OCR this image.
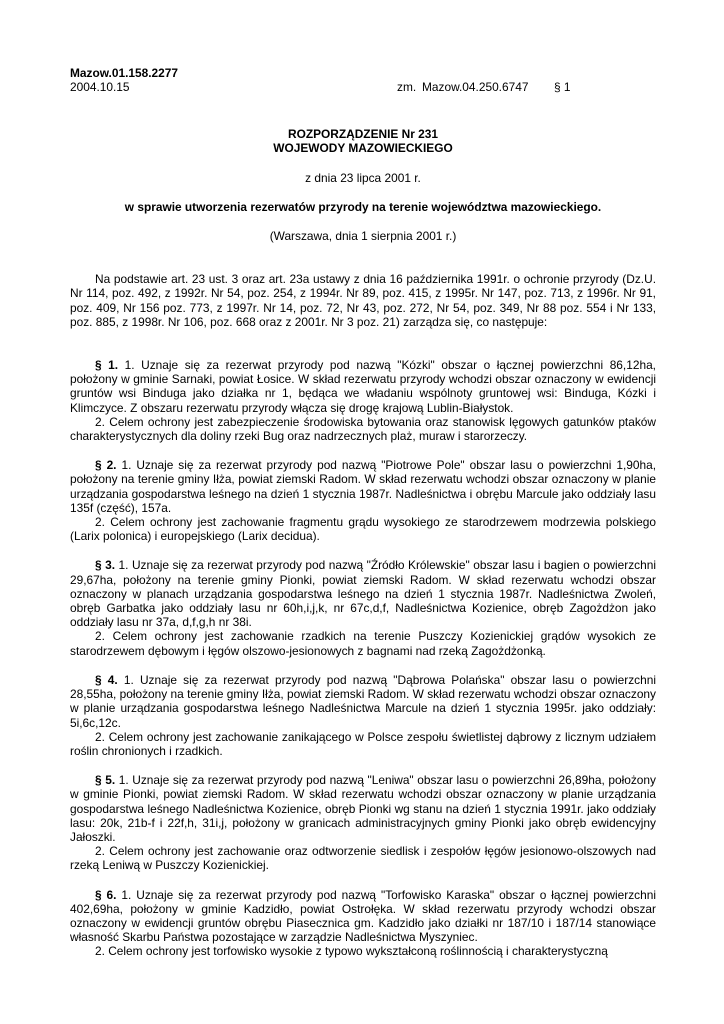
Mazow.01.158.2277
2004.10.15	zm. Mazow.04.250.6747 § 1
ROZPORZĄDZENIE Nr 231
WOJEWODY MAZOWIECKIEGO
z dnia 23 lipca 2001 r.
w sprawie utworzenia rezerwatów przyrody na terenie województwa mazowieckiego.
(Warszawa, dnia 1 sierpnia 2001 r.)

Na podstawie art. 23 ust. 3 oraz art. 23a ustawy z dnia 16 października 1991r. o ochronie przyrody (Dz.U. Nr 114, poz. 492, z 1992r. Nr 54, poz. 254, z 1994r. Nr 89, poz. 415, z 1995r. Nr 147, poz. 713, z 1996r. Nr 91, poz. 409, Nr 156 poz. 773, z 1997r. Nr 14, poz. 72, Nr 43, poz. 272, Nr 54, poz. 349, Nr 88 poz. 554 i Nr 133, poz. 885, z 1998r. Nr 106, poz. 668 oraz z 2001r. Nr 3 poz. 21) zarządza się, co następuje:

§ 1. 1. Uznaje się za rezerwat przyrody pod nazwą "Kózki" obszar o łącznej powierzchni 86,12ha, położony w gminie Sarnaki, powiat Łosice. W skład rezerwatu przyrody wchodzi obszar oznaczony w ewidencji gruntów wsi Binduga jako działka nr 1, będąca we władaniu wspólnoty gruntowej wsi: Binduga, Kózki i Klimczyce. Z obszaru rezerwatu przyrody włącza się drogę krajową Lublin-Białystok.

2. Celem ochrony jest zabezpieczenie środowiska bytowania oraz stanowisk lęgowych gatunków ptaków charakterystycznych dla doliny rzeki Bug oraz nadrzecznych plaż, muraw i starorzeczy.

§ 2. 1. Uznaje się za rezerwat przyrody pod nazwą "Piotrowe Pole" obszar lasu o powierzchni 1,90ha, położony na terenie gminy Iłża, powiat ziemski Radom. W skład rezerwatu wchodzi obszar oznaczony w planie urządzania gospodarstwa leśnego na dzień 1 stycznia 1987r. Nadleśnictwa i obrębu Marcule jako oddziały lasu 135f (część), 157a.

2. Celem ochrony jest zachowanie fragmentu grądu wysokiego ze starodrzewem modrzewia polskiego (Larix polonica) i europejskiego (Larix decidua).

§ 3. 1. Uznaje się za rezerwat przyrody pod nazwą "Źródło Królewskie" obszar lasu i bagien o powierzchni 29,67ha, położony na terenie gminy Pionki, powiat ziemski Radom. W skład rezerwatu wchodzi obszar oznaczony w planach urządzania gospodarstwa leśnego na dzień 1 stycznia 1987r. Nadleśnictwa Zwoleń, obręb Garbatka jako oddziały lasu nr 60h,i,j,k, nr 67c,d,f, Nadleśnictwa Kozienice, obręb Zagożdżon jako oddziały lasu nr 37a, d,f,g,h nr 38i.

2. Celem ochrony jest zachowanie rzadkich na terenie Puszczy Kozienickiej grądów wysokich ze starodrzewem dębowym i łęgów olszowo-jesionowych z bagnami nad rzeką Zagożdżonką.

§ 4. 1. Uznaje się za rezerwat przyrody pod nazwą "Dąbrowa Polańska" obszar lasu o powierzchni 28,55ha, położony na terenie gminy Iłża, powiat ziemski Radom. W skład rezerwatu wchodzi obszar oznaczony w planie urządzania gospodarstwa leśnego Nadleśnictwa Marcule na dzień 1 stycznia 1995r. jako oddziały: 5i,6c,12c.

2. Celem ochrony jest zachowanie zanikającego w Polsce zespołu świetlistej dąbrowy z licznym udziałem roślin chronionych i rzadkich.

§ 5. 1. Uznaje się za rezerwat przyrody pod nazwą "Leniwa" obszar lasu o powierzchni 26,89ha, położony w gminie Pionki, powiat ziemski Radom. W skład rezerwatu wchodzi obszar oznaczony w planie urządzania gospodarstwa leśnego Nadleśnictwa Kozienice, obręb Pionki wg stanu na dzień 1 stycznia 1991r. jako oddziały lasu: 20k, 21b-f i 22f,h, 31i,j, położony w granicach administracyjnych gminy Pionki jako obręb ewidencyjny Jałoszki.

2. Celem ochrony jest zachowanie oraz odtworzenie siedlisk i zespołów łęgów jesionowo-olszowych nad rzeką Leniwą w Puszczy Kozienickiej.

§ 6. 1. Uznaje się za rezerwat przyrody pod nazwą "Torfowisko Karaska" obszar o łącznej powierzchni 402,69ha, położony w gminie Kadzidło, powiat Ostrołęka. W skład rezerwatu przyrody wchodzi obszar oznaczony w ewidencji gruntów obrębu Piasecznica gm. Kadzidło jako działki nr 187/10 i 187/14 stanowiące własność Skarbu Państwa pozostające w zarządzie Nadleśnictwa Myszyniec.

2. Celem ochrony jest torfowisko wysokie z typowo wykształconą roślinnością i charakterystyczną
